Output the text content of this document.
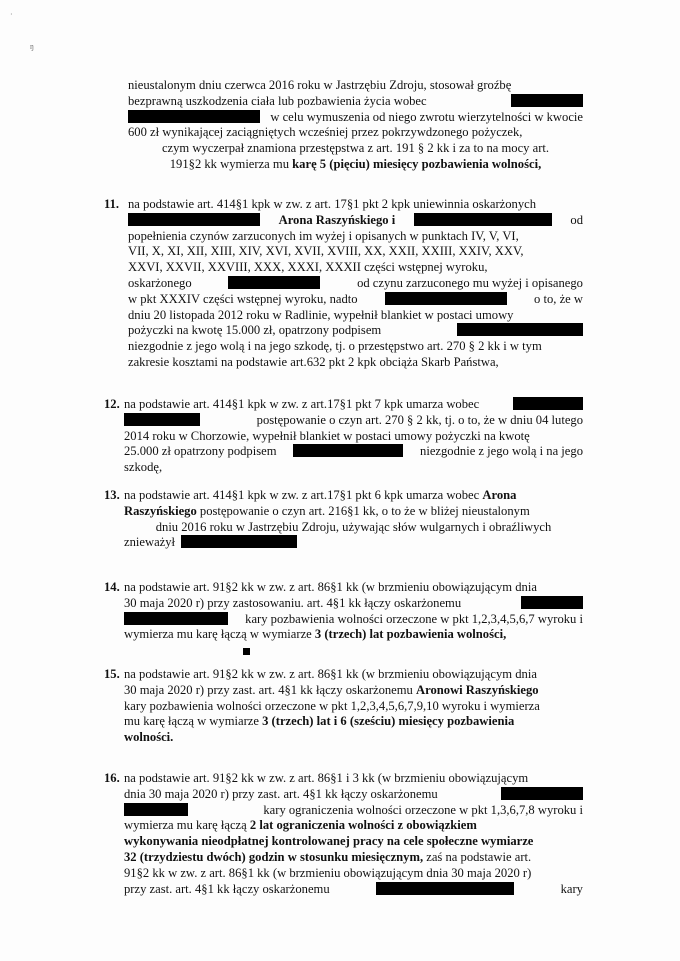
·
ŋ
nieustalonym dniu czerwca 2016 roku w Jastrzębiu Zdroju, stosował groźbę
bezprawną uszkodzenia ciała lub pozbawienia życia wobec
w celu wymuszenia od niego zwrotu wierzytelności w kwocie
600 zł wynikającej zaciągniętych wcześniej przez pokrzywdzonego pożyczek,
czym wyczerpał znamiona przestępstwa z art. 191 § 2 kk i za to na mocy art.
191§2 kk wymierza mu karę 5 (pięciu) miesięcy pozbawienia wolności,
11. na podstawie art. 414§1 kpk w zw. z art. 17§1 pkt 2 kpk uniewinnia oskarżonych
Arona Raszyńskiego i	od
popełnienia czynów zarzuconych im wyżej i opisanych w punktach IV, V, VI,
VII, X, XI, XII, XIII, XIV, XVI, XVII, XVIII, XX, XXII, XXIII, XXIV, XXV,
XXVI, XXVII, XXVIII, XXX, XXXI, XXXII części wstępnej wyroku,
oskarżonego	od czynu zarzuconego mu wyżej i opisanego
w pkt XXXIV części wstępnej wyroku, nadto	o to, że w
dniu 20 listopada 2012 roku w Radlinie, wypełnił blankiet w postaci umowy
pożyczki na kwotę 15.000 zł, opatrzony podpisem
niezgodnie z jego wolą i na jego szkodę, tj. o przestępstwo art. 270 § 2 kk i w tym
zakresie kosztami na podstawie art.632 pkt 2 kpk obciąża Skarb Państwa,
12. na podstawie art. 414§1 kpk w zw. z art.17§1 pkt 7 kpk umarza wobec
postępowanie o czyn art. 270 § 2 kk, tj. o to, że w dniu 04 lutego
2014 roku w Chorzowie, wypełnił blankiet w postaci umowy pożyczki na kwotę
25.000 zł opatrzony podpisem	niezgodnie z jego wolą i na jego
szkodę,
13. na podstawie art. 414§1 kpk w zw. z art.17§1 pkt 6 kpk umarza wobec Arona
Raszyńskiego postępowanie o czyn art. 216§1 kk, o to że w bliżej nieustalonym
dniu 2016 roku w Jastrzębiu Zdroju, używając słów wulgarnych i obraźliwych
znieważył
14. na podstawie art. 91§2 kk w zw. z art. 86§1 kk (w brzmieniu obowiązującym dnia
30 maja 2020 r) przy zastosowaniu. art. 4§1 kk łączy oskarżonemu
kary pozbawienia wolności orzeczone w pkt 1,2,3,4,5,6,7 wyroku i
wymierza mu karę łączą w wymiarze 3 (trzech) lat pozbawienia wolności,
15. na podstawie art. 91§2 kk w zw. z art. 86§1 kk (w brzmieniu obowiązującym dnia
30 maja 2020 r) przy zast. art. 4§1 kk łączy oskarżonemu Aronowi Raszyńskiego
kary pozbawienia wolności orzeczone w pkt 1,2,3,4,5,6,7,9,10 wyroku i wymierza
mu karę łączą w wymiarze 3 (trzech) lat i 6 (sześciu) miesięcy pozbawienia
wolności.
16. na podstawie art. 91§2 kk w zw. z art. 86§1 i 3 kk (w brzmieniu obowiązującym
dnia 30 maja 2020 r) przy zast. art. 4§1 kk łączy oskarżonemu
kary ograniczenia wolności orzeczone w pkt 1,3,6,7,8 wyroku i
wymierza mu karę łączą 2 lat ograniczenia wolności z obowiązkiem
wykonywania nieodpłatnej kontrolowanej pracy na cele społeczne wymiarze
32 (trzydziestu dwóch) godzin w stosunku miesięcznym, zaś na podstawie art.
91§2 kk w zw. z art. 86§1 kk (w brzmieniu obowiązującym dnia 30 maja 2020 r)
przy zast. art. 4§1 kk łączy oskarżonemu	kary
